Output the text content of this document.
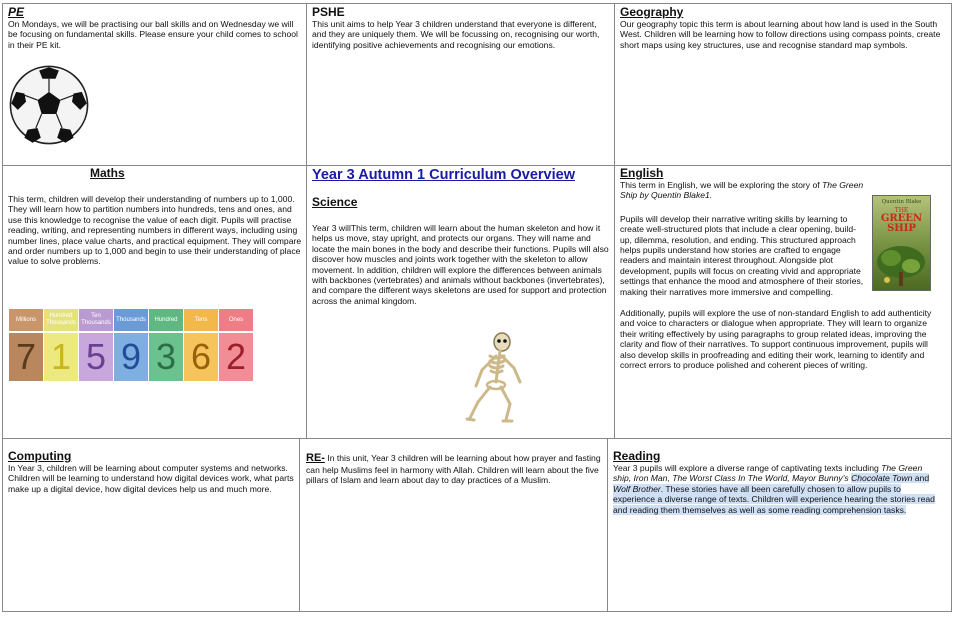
PE

On Mondays, we will be practising our ball skills and on Wednesday we will be focusing on fundamental skills. Please ensure your child comes to school in their PE kit.

PSHE

This unit aims to help Year 3 children understand that everyone is different, and they are uniquely them. We will be focussing on, recognising our worth, identifying positive achievements and recognising our emotions.

Geography

Our geography topic this term is about learning about how land is used in the South West. Children will be learning how to follow directions using compass points, create short maps using key structures, use and recognise standard map symbols.

Maths

This term, children will develop their understanding of numbers up to 1,000. They will learn how to partition numbers into hundreds, tens and ones, and use this knowledge to recognise the value of each digit. Pupils will practise reading, writing, and representing numbers in different ways, including using number lines, place value charts, and practical equipment. They will compare and order numbers up to 1,000 and begin to use their understanding of place value to solve problems.

Millions
7
Hundred Thousands
1
Ten Thousands
5
Thousands
9
Hundred
3
Tens
6
Ones
2
Year 3 Autumn 1 Curriculum Overview
Science

Year 3 willThis term, children will learn about the human skeleton and how it helps us move, stay upright, and protects our organs. They will name and locate the main bones in the body and describe their functions. Pupils will also discover how muscles and joints work together with the skeleton to allow movement. In addition, children will explore the differences between animals with backbones (vertebrates) and animals without backbones (invertebrates), and compare the different ways skeletons are used for support and protection across the animal kingdom.

English

This term in English, we will be exploring the story of The Green Ship by Quentin Blake1.

Pupils will develop their narrative writing skills by learning to create well-structured plots that include a clear opening, build-up, dilemma, resolution, and ending. This structured approach helps pupils understand how stories are crafted to engage readers and maintain interest throughout. Alongside plot development, pupils will focus on creating vivid and appropriate settings that enhance the mood and atmosphere of their stories, making their narratives more immersive and compelling.

Additionally, pupils will explore the use of non-standard English to add authenticity and voice to characters or dialogue when appropriate. They will learn to organize their writing effectively by using paragraphs to group related ideas, improving the clarity and flow of their narratives. To support continuous improvement, pupils will also develop skills in proofreading and editing their work, learning to identify and correct errors to produce polished and coherent pieces of writing.

Quentin Blake
THE
GREEN
SHIP
Computing

In Year 3, children will be learning about computer systems and networks. Children will be learning to understand how digital devices work, what parts make up a digital device, how digital devices help us and much more.

RE- In this unit, Year 3 children will be learning about how prayer and fasting can help Muslims feel in harmony with Allah. Children will learn about the five pillars of Islam and learn about day to day practices of a Muslim.

Reading

Year 3 pupils will explore a diverse range of captivating texts including The Green ship, Iron Man, The Worst Class In The World, Mayor Bunny's Chocolate Town and Wolf Brother. These stories have all been carefully chosen to allow pupils to experience a diverse range of texts. Children will experience hearing the stories read and reading them themselves as well as some reading comprehension tasks.
